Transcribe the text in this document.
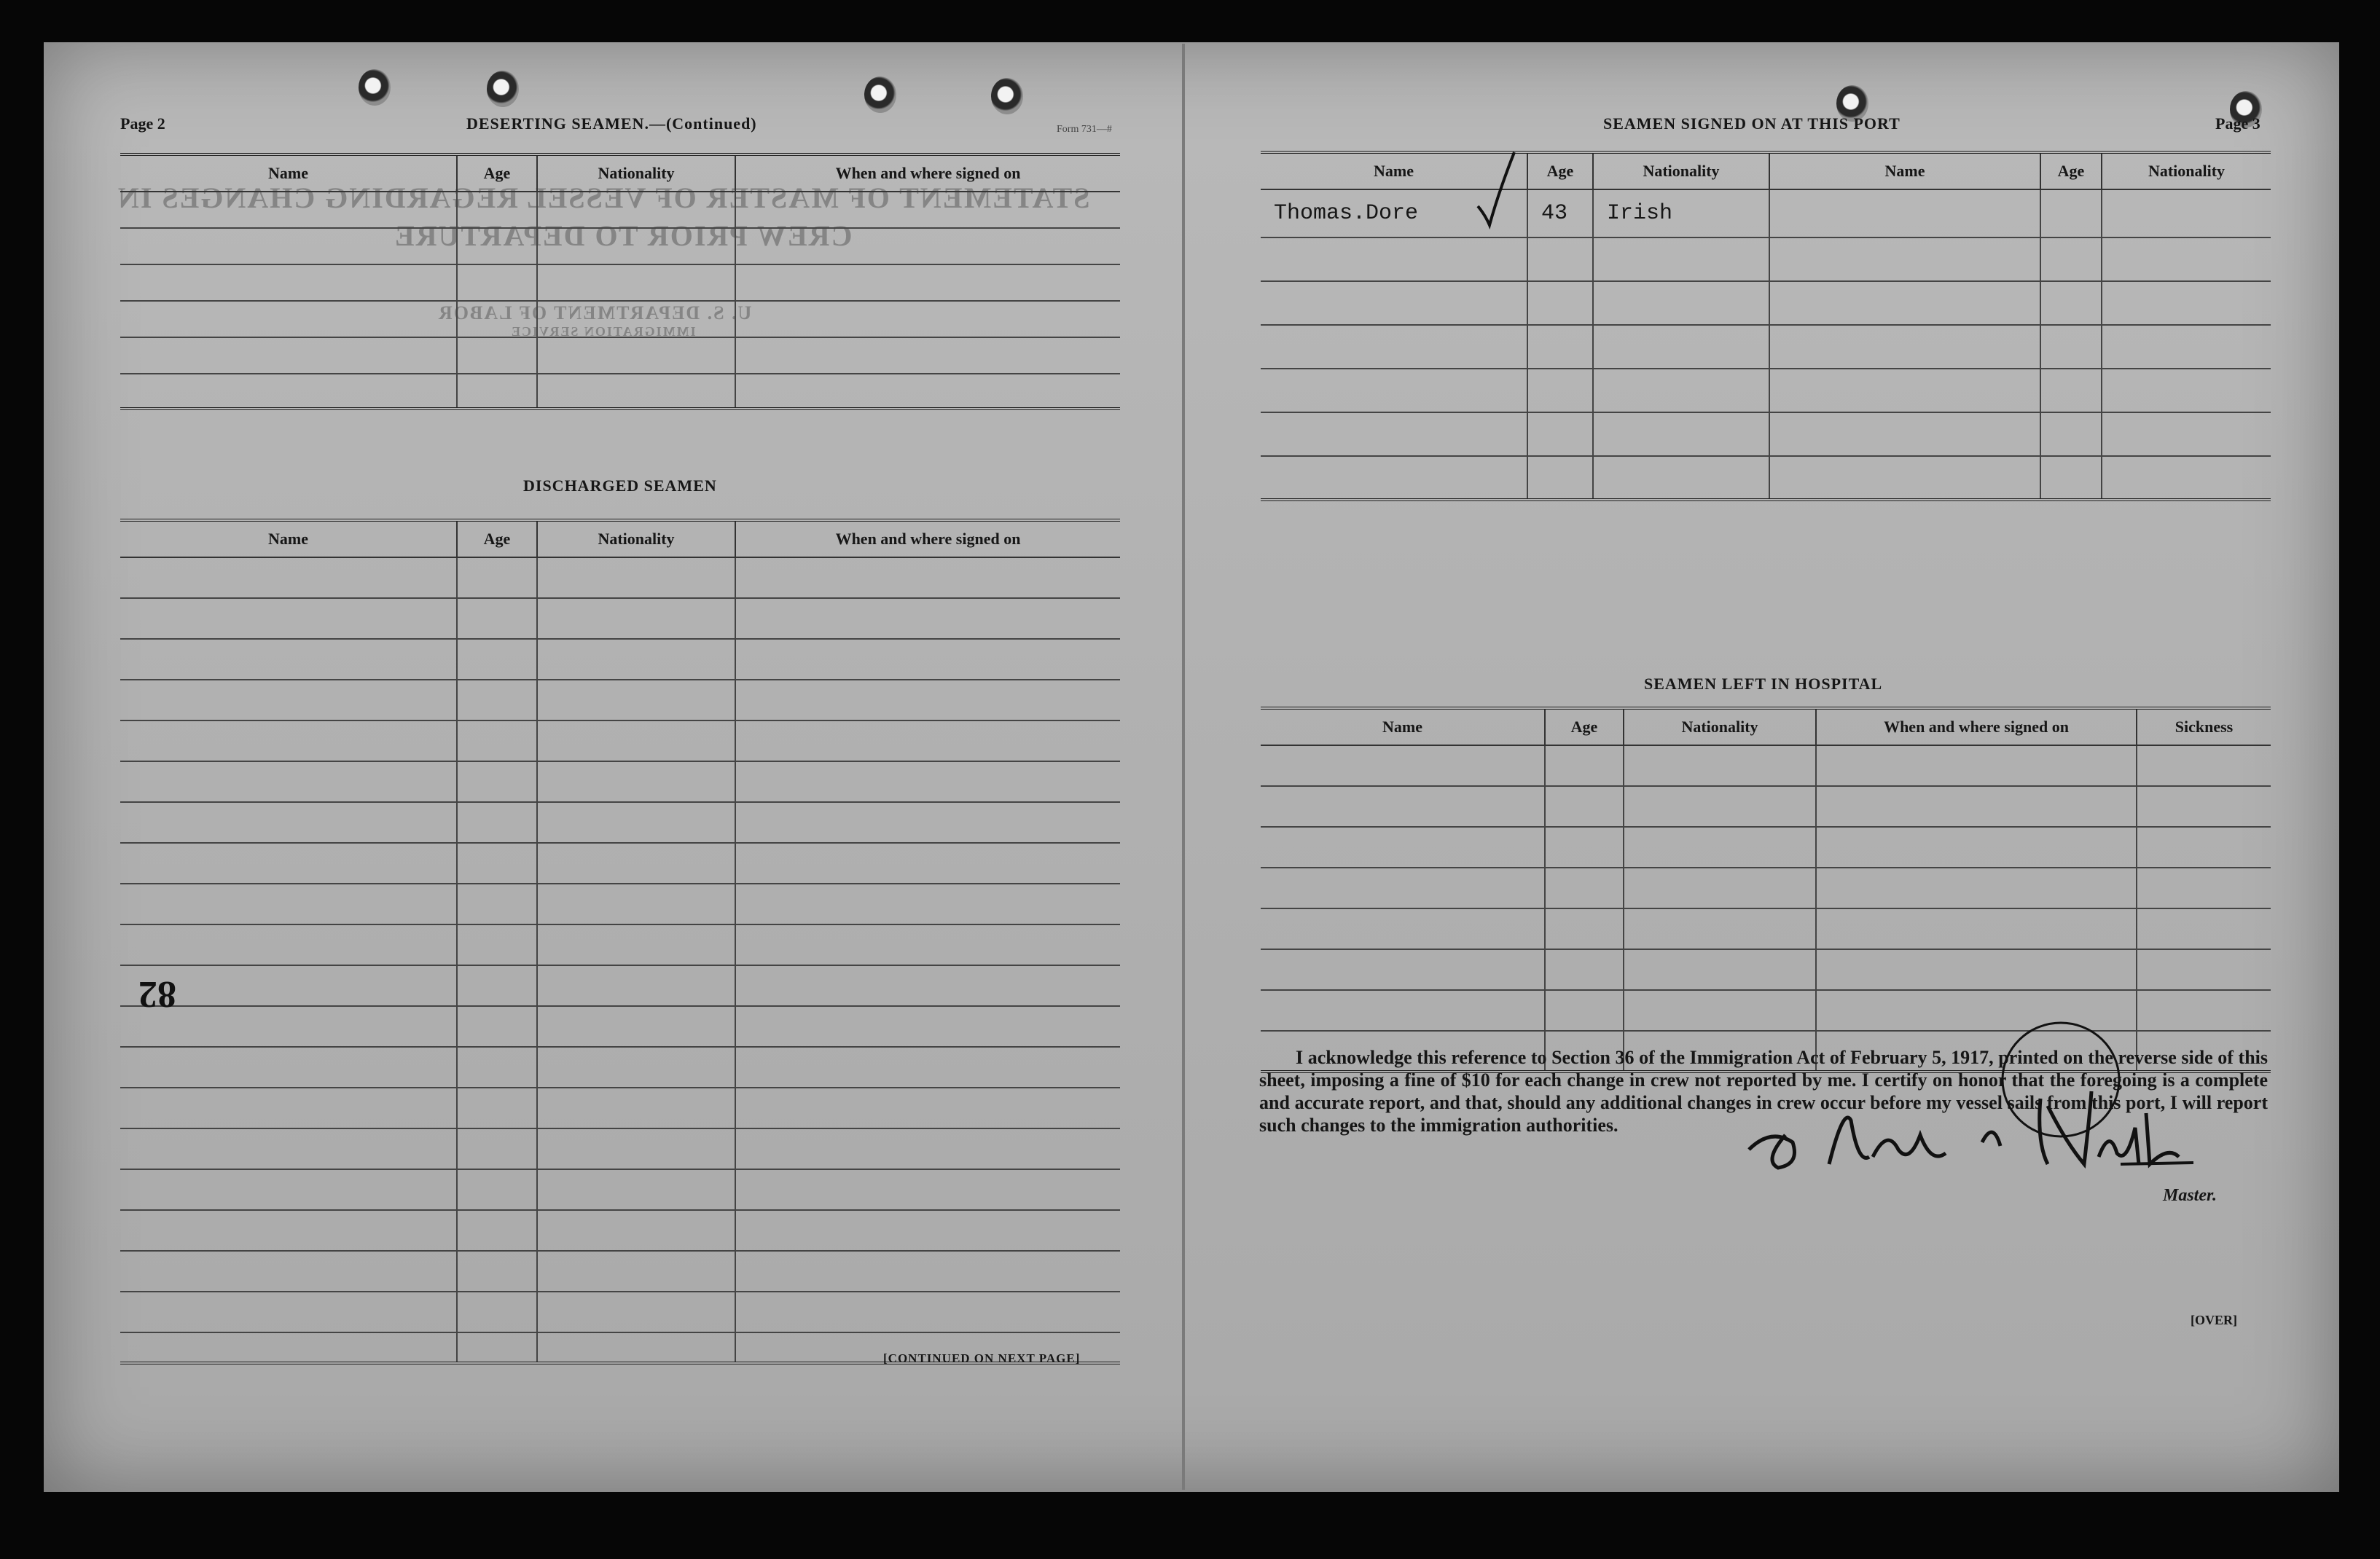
STATEMENT OF MASTER OF VESSEL REGARDING CHANGES IN
CREW PRIOR TO DEPARTURE
U. S. DEPARTMENT OF LABOR
IMMIGRATION SERVICE
Page 2	DESERTING SEAMEN.—(Continued)	Form 731—#
Name	Age	Nationality	When and where signed on

DISCHARGED SEAMEN
Name	Age	Nationality	When and where signed on

82
[CONTINUED ON NEXT PAGE]
SEAMEN SIGNED ON AT THIS PORT	Page 3
Name	Age	Nationality	Name	Age	Nationality
Thomas.Dore	43	Irish			

SEAMEN LEFT IN HOSPITAL
Name	Age	Nationality	When and where signed on	Sickness

I acknowledge this reference to Section 36 of the Immigration Act of February 5, 1917, printed on the reverse side of this sheet, imposing a fine of $10 for each change in crew not reported by me. I certify on honor that the foregoing is a complete and accurate report, and that, should any additional changes in crew occur before my vessel sails from this port, I will report such changes to the immigration authorities.

Master.
[OVER]
